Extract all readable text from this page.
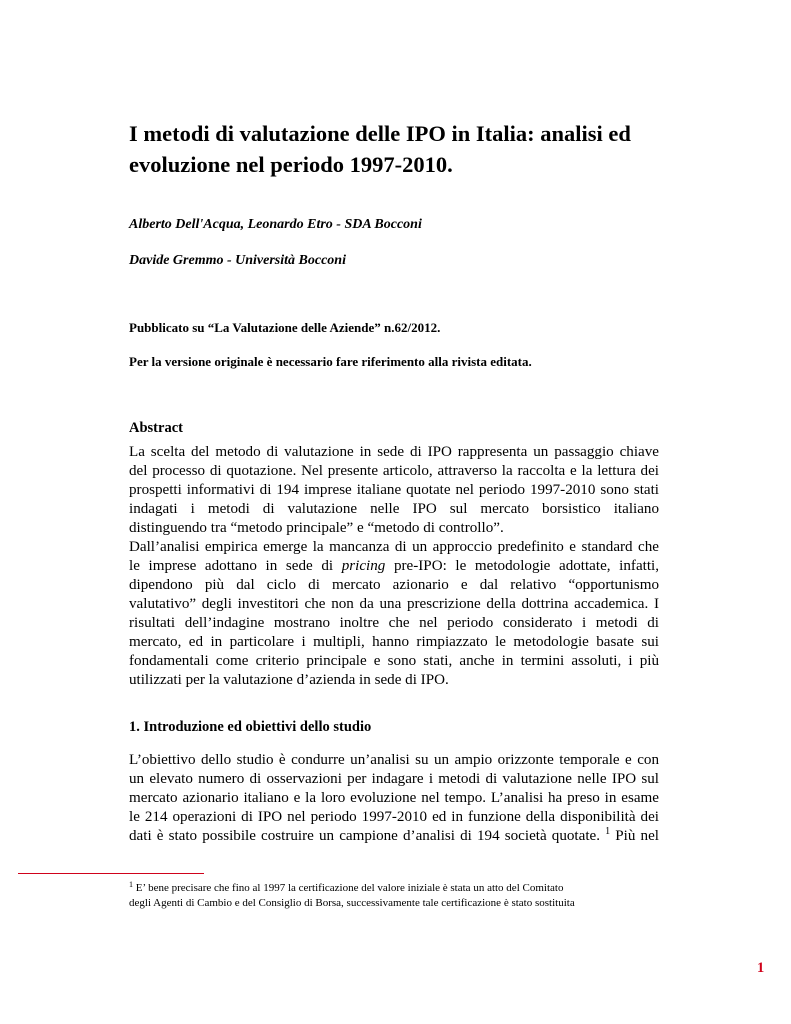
I metodi di valutazione delle IPO in Italia: analisi ed evoluzione nel periodo 1997-2010.

Alberto Dell'Acqua, Leonardo Etro - SDA Bocconi

Davide Gremmo - Università Bocconi

Pubblicato su “La Valutazione delle Aziende” n.62/2012.

Per la versione originale è necessario fare riferimento alla rivista editata.

Abstract
La scelta del metodo di valutazione in sede di IPO rappresenta un passaggio chiave
del processo di quotazione. Nel presente articolo, attraverso la raccolta e la lettura dei
prospetti informativi di 194 imprese italiane quotate nel periodo 1997-2010 sono stati
indagati i metodi di valutazione nelle IPO sul mercato borsistico italiano
distinguendo tra “metodo principale” e “metodo di controllo”.
Dall’analisi empirica emerge la mancanza di un approccio predefinito e standard che
le imprese adottano in sede di pricing pre-IPO: le metodologie adottate, infatti,
dipendono più dal ciclo di mercato azionario e dal relativo “opportunismo
valutativo” degli investitori che non da una prescrizione della dottrina accademica. I
risultati dell’indagine mostrano inoltre che nel periodo considerato i metodi di
mercato, ed in particolare i multipli, hanno rimpiazzato le metodologie basate sui
fondamentali come criterio principale e sono stati, anche in termini assoluti, i più
utilizzati per la valutazione d’azienda in sede di IPO.
1. Introduzione ed obiettivi dello studio
L’obiettivo dello studio è condurre un’analisi su un ampio orizzonte temporale e con
un elevato numero di osservazioni per indagare i metodi di valutazione nelle IPO sul
mercato azionario italiano e la loro evoluzione nel tempo. L’analisi ha preso in esame
le 214 operazioni di IPO nel periodo 1997-2010 ed in funzione della disponibilità dei
dati è stato possibile costruire un campione d’analisi di 194 società quotate. $^1$ Più nel
$^1$ E’ bene precisare che fino al 1997 la certificazione del valore iniziale è stata un atto del Comitato
degli Agenti di Cambio e del Consiglio di Borsa, successivamente tale certificazione è stato sostituita

1
